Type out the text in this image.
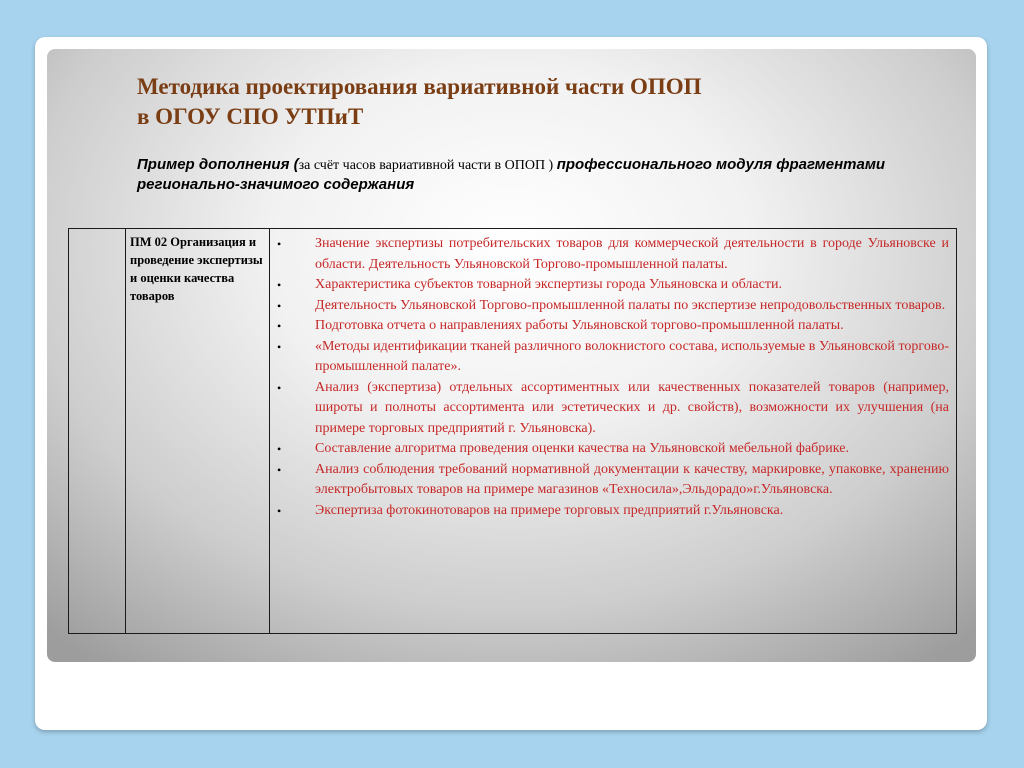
Методика проектирования вариативной части ОПОП
в ОГОУ СПО УТПиТ
Пример дополнения (за счёт часов вариативной части в ОПОП ) профессионального модуля фрагментами регионально-значимого содержания

ПМ 02 Организация и проведение экспертизы и оценки качества товаров

• Значение экспертизы потребительских товаров для коммерческой деятельности в городе Ульяновске и области. Деятельность Ульяновской Торгово-промышленной палаты.
• Характеристика субъектов товарной экспертизы города Ульяновска и области.
• Деятельность Ульяновской Торгово-промышленной палаты по экспертизе непродовольственных товаров.
• Подготовка отчета о направлениях работы Ульяновской торгово-промышленной палаты.
• «Методы идентификации тканей различного волокнистого состава, используемые в Ульяновской торгово-промышленной палате».
• Анализ (экспертиза) отдельных ассортиментных или качественных показателей товаров (например, широты и полноты ассортимента или эстетических и др. свойств), возможности их улучшения (на примере торговых предприятий г. Ульяновска).
• Составление алгоритма проведения оценки качества на Ульяновской мебельной фабрике.
• Анализ соблюдения требований нормативной документации к качеству, маркировке, упаковке, хранению электробытовых товаров на примере магазинов «Техносила»,Эльдорадо»г.Ульяновска.
• Экспертиза фотокинотоваров на примере торговых предприятий г.Ульяновска.
